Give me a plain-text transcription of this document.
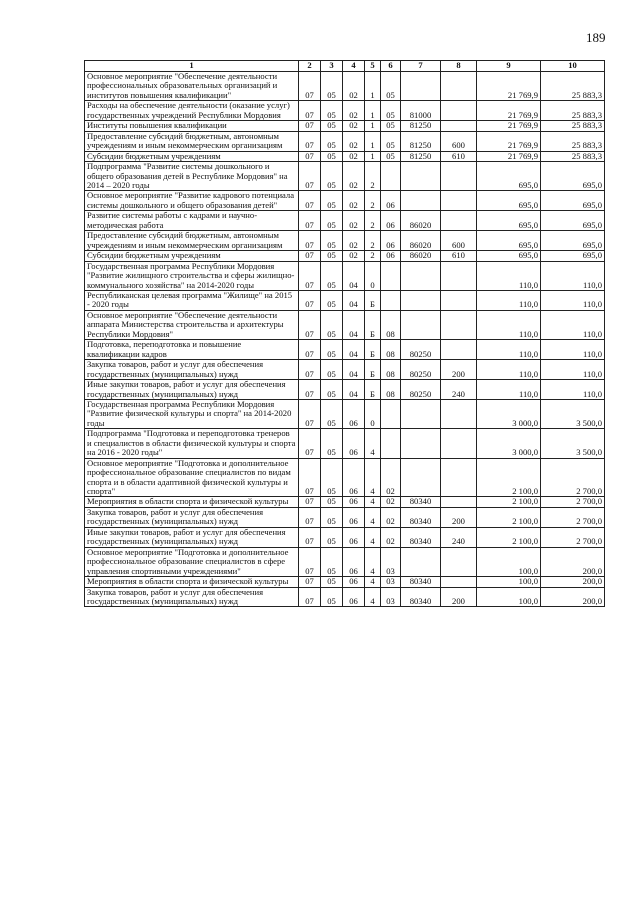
189
1	2	3	4	5	6	7	8	9	10
Основное мероприятие "Обеспечение деятельности профессиональных образовательных организаций и институтов повышения квалификации"	07	05	02	1	05			21 769,9	25 883,3
Расходы на обеспечение деятельности (оказание услуг) государственных учреждений Республики Мордовия	07	05	02	1	05	81000		21 769,9	25 883,3
Институты повышения квалификации	07	05	02	1	05	81250		21 769,9	25 883,3
Предоставление субсидий бюджетным, автономным учреждениям и иным некоммерческим организациям	07	05	02	1	05	81250	600	21 769,9	25 883,3
Субсидии бюджетным учреждениям	07	05	02	1	05	81250	610	21 769,9	25 883,3
Подпрограмма "Развитие системы дошкольного и общего образования детей в Республике Мордовия" на 2014 – 2020 годы	07	05	02	2				695,0	695,0
Основное мероприятие "Развитие кадрового потенциала системы дошкольного и общего образования детей"	07	05	02	2	06			695,0	695,0
Развитие системы работы с кадрами и научно-методическая работа	07	05	02	2	06	86020		695,0	695,0
Предоставление субсидий бюджетным, автономным учреждениям и иным некоммерческим организациям	07	05	02	2	06	86020	600	695,0	695,0
Субсидии бюджетным учреждениям	07	05	02	2	06	86020	610	695,0	695,0
Государственная программа Республики Мордовия "Развитие жилищного строительства и сферы жилищно-коммунального хозяйства" на 2014-2020 годы	07	05	04	0				110,0	110,0
Республиканская целевая программа "Жилище" на 2015 - 2020 годы	07	05	04	Б				110,0	110,0
Основное мероприятие "Обеспечение деятельности аппарата Министерства строительства и архитектуры Республики Мордовия"	07	05	04	Б	08			110,0	110,0
Подготовка, переподготовка и повышение квалификации кадров	07	05	04	Б	08	80250		110,0	110,0
Закупка товаров, работ и услуг для обеспечения государственных (муниципальных) нужд	07	05	04	Б	08	80250	200	110,0	110,0
Иные закупки товаров, работ и услуг для обеспечения государственных (муниципальных) нужд	07	05	04	Б	08	80250	240	110,0	110,0
Государственная программа Республики Мордовия "Развитие физической культуры и спорта" на 2014-2020 годы	07	05	06	0				3 000,0	3 500,0
Подпрограмма "Подготовка и переподготовка тренеров и специалистов в области физической культуры и спорта на 2016 - 2020 годы"	07	05	06	4				3 000,0	3 500,0
Основное мероприятие "Подготовка и дополнительное профессиональное образование специалистов по видам спорта и в области адаптивной физической культуры и спорта"	07	05	06	4	02			2 100,0	2 700,0
Мероприятия в области спорта и физической культуры	07	05	06	4	02	80340		2 100,0	2 700,0
Закупка товаров, работ и услуг для обеспечения государственных (муниципальных) нужд	07	05	06	4	02	80340	200	2 100,0	2 700,0
Иные закупки товаров, работ и услуг для обеспечения государственных (муниципальных) нужд	07	05	06	4	02	80340	240	2 100,0	2 700,0
Основное мероприятие "Подготовка и дополнительное профессиональное образование специалистов в сфере управления спортивными учреждениями"	07	05	06	4	03			100,0	200,0
Мероприятия в области спорта и физической культуры	07	05	06	4	03	80340		100,0	200,0
Закупка товаров, работ и услуг для обеспечения государственных (муниципальных) нужд	07	05	06	4	03	80340	200	100,0	200,0
